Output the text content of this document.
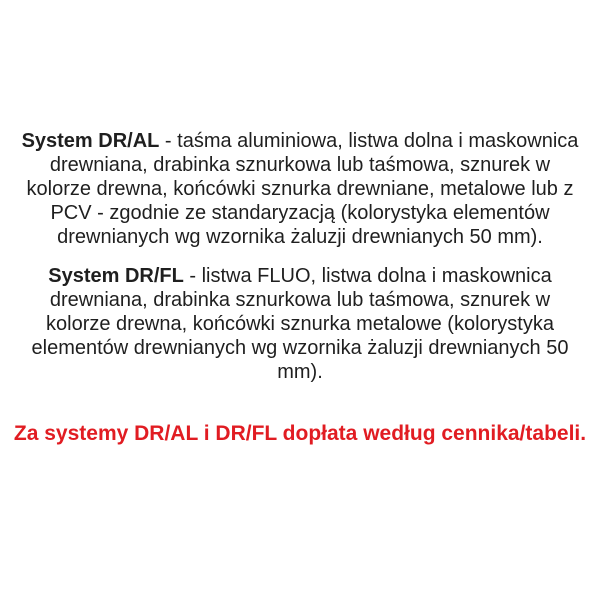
System DR/AL - taśma aluminiowa, listwa dolna i maskownica
drewniana, drabinka sznurkowa lub taśmowa, sznurek w
kolorze drewna, końcówki sznurka drewniane, metalowe lub z
PCV - zgodnie ze standaryzacją (kolorystyka elementów
drewnianych wg wzornika żaluzji drewnianych 50 mm).

System DR/FL - listwa FLUO, listwa dolna i maskownica
drewniana, drabinka sznurkowa lub taśmowa, sznurek w
kolorze drewna, końcówki sznurka metalowe (kolorystyka
elementów drewnianych wg wzornika żaluzji drewnianych 50
mm).

Za systemy DR/AL i DR/FL dopłata według cennika/tabeli.
